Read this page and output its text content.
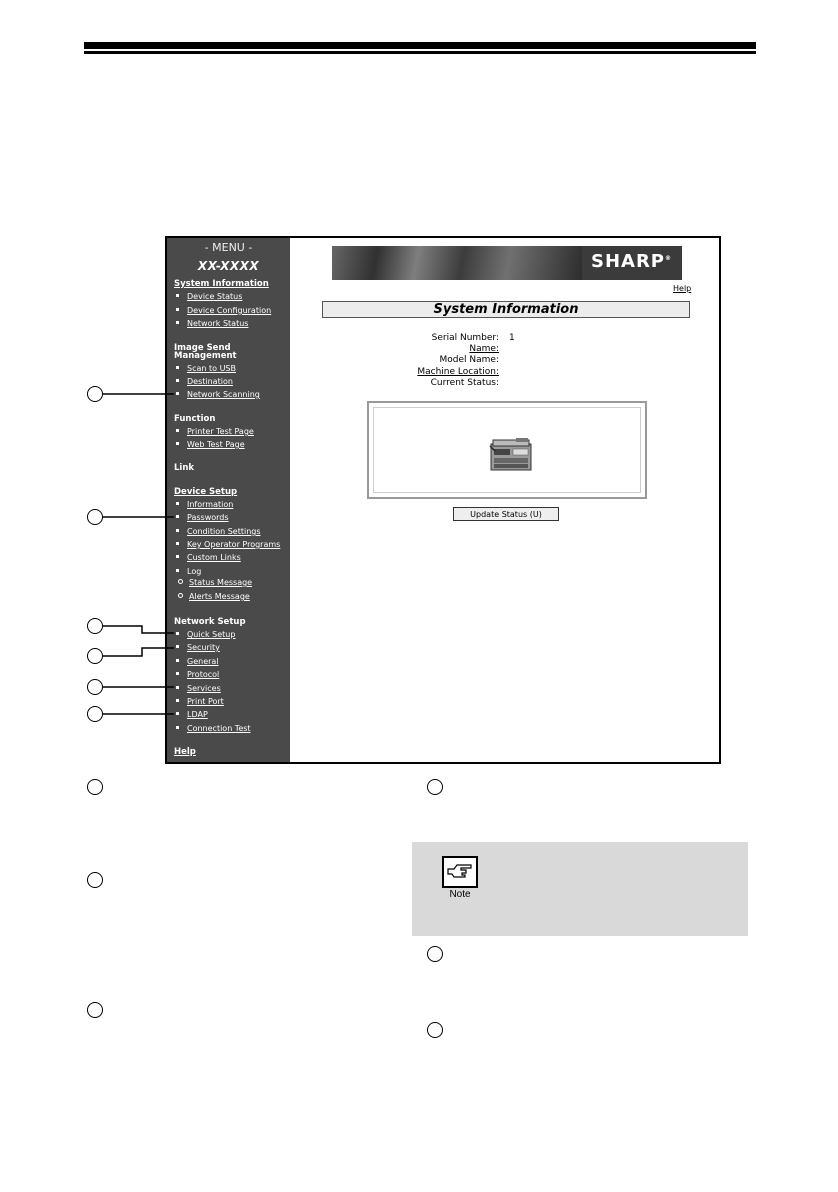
- MENU -
XX-XXXX
System Information
Device Status
Device Configuration
Network Status
Image Send
Management
Scan to USB
Destination
Network Scanning
Function
Printer Test Page
Web Test Page
Link
Device Setup
Information
Passwords
Condition Settings
Key Operator Programs
Custom Links
Log
Status Message
Alerts Message
Network Setup
Quick Setup
Security
General
Protocol
Services
Print Port
LDAP
Connection Test
Help
SHARP®
Help
System Information
Serial Number: 1
Name:
Model Name:
Machine Location:
Current Status:
Update Status (U)
Note
